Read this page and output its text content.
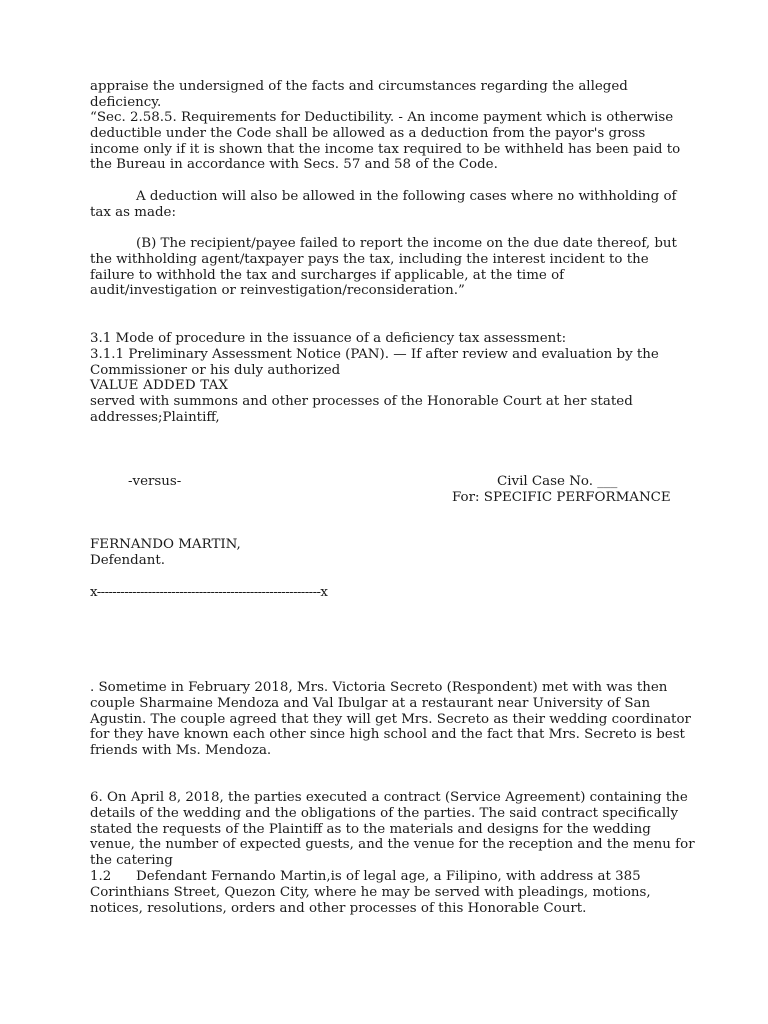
appraise the undersigned of the facts and circumstances regarding the alleged
deficiency.
“Sec. 2.58.5. Requirements for Deductibility. - An income payment which is otherwise
deductible under the Code shall be allowed as a deduction from the payor's gross
income only if it is shown that the income tax required to be withheld has been paid to
the Bureau in accordance with Secs. 57 and 58 of the Code.
A deduction will also be allowed in the following cases where no withholding of
tax as made:
(B) The recipient/payee failed to report the income on the due date thereof, but
the withholding agent/taxpayer pays the tax, including the interest incident to the
failure to withhold the tax and surcharges if applicable, at the time of
audit/investigation or reinvestigation/reconsideration.”
3.1 Mode of procedure in the issuance of a deficiency tax assessment:
3.1.1 Preliminary Assessment Notice (PAN). — If after review and evaluation by the
Commissioner or his duly authorized
VALUE ADDED TAX
served with summons and other processes of the Honorable Court at her stated
addresses;Plaintiff,

-versus-	Civil Case No. ___

For: SPECIFIC PERFORMANCE

FERNANDO MARTIN,
Defendant.

x---------------------------------------------------------x

. Sometime in February 2018, Mrs. Victoria Secreto (Respondent) met with was then
couple Sharmaine Mendoza and Val Ibulgar at a restaurant near University of San
Agustin. The couple agreed that they will get Mrs. Secreto as their wedding coordinator
for they have known each other since high school and the fact that Mrs. Secreto is best
friends with Ms. Mendoza.
6. On April 8, 2018, the parties executed a contract (Service Agreement) containing the
details of the wedding and the obligations of the parties. The said contract specifically
stated the requests of the Plaintiff as to the materials and designs for the wedding
venue, the number of expected guests, and the venue for the reception and the menu for
the catering

1.2	Defendant Fernando Martin,is of legal age, a Filipino, with address at 385
Corinthians Street, Quezon City, where he may be served with pleadings, motions,
notices, resolutions, orders and other processes of this Honorable Court.
